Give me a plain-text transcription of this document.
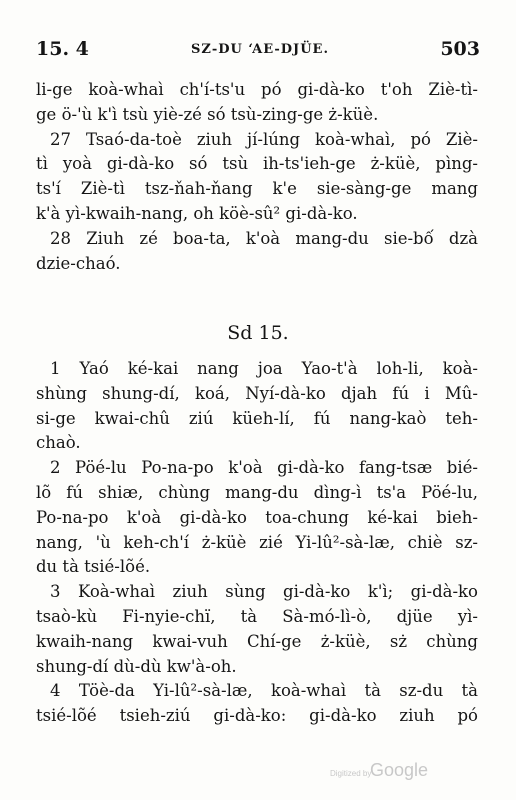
15. 4	SZ-DU ʻAE-DJÜE.	503
li-ge koà-whaì ch'í-ts'u pó gi-dà-ko t'oh Ziè-tì-
ge ö-'ù k'ì tsù yiè-zé só tsù-zing-ge ż-küè.
27 Tsaó-da-toè ziuh jí-lúng koà-whaì, pó Ziè-
tì yoà gi-dà-ko só tsù ih-ts'ieh-ge ż-küè, pìng-
ts'í Ziè-tì tsz-ňah-ňang k'e sie-sàng-ge mang
k'à yì-kwaih-nang, oh köè-sû² gi-dà-ko.
28 Ziuh zé boa-ta, k'oà mang-du sie-bố dzà
dzie-chaó.
Sd 15.
1 Yaó ké-kai nang joa Yao-t'à loh-li, koà-
shùng shung-dí, koá, Nyí-dà-ko djah fú i Mû-
si-ge kwai-chû ziú küeh-lí, fú nang-kaò teh-
chaò.
2 Pöé-lu Po-na-po k'oà gi-dà-ko fang-tsæ bié-
lõ fú shiæ, chùng mang-du dìng-ì ts'a Pöé-lu,
Po-na-po k'oà gi-dà-ko toa-chung ké-kai bieh-
nang, 'ù keh-ch'í ż-küè zié Yi-lû²-sà-læ, chiè sz-
du tà tsié-lõé.
3 Koà-whaì ziuh sùng gi-dà-ko k'ì; gi-dà-ko
tsaò-kù Fi-nyie-chï, tà Sà-mó-lì-ò, djüe yì-
kwaih-nang kwai-vuh Chí-ge ż-küè, sż chùng
shung-dí dù-dù kw'à-oh.
4 Töè-da Yi-lû²-sà-læ, koà-whaì tà sz-du tà
tsié-lõé tsieh-ziú gi-dà-ko: gi-dà-ko ziuh pó
Digitized by
Google
